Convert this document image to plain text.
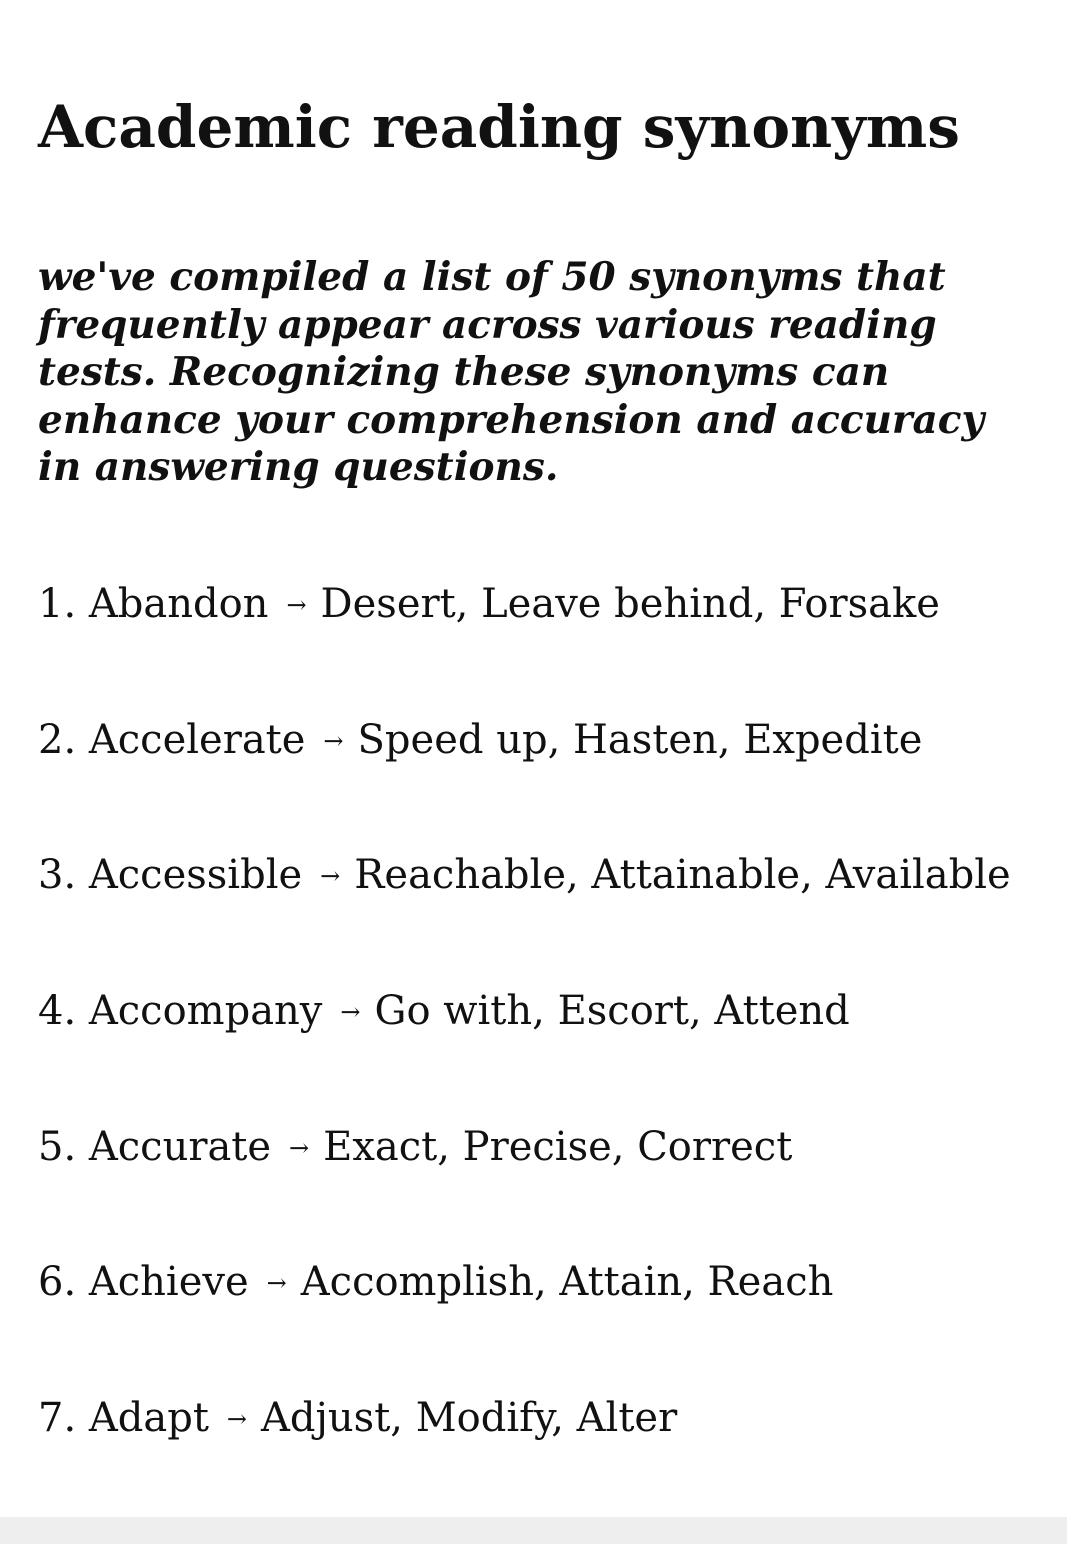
Academic reading synonyms

we've compiled a list of 50 synonyms that frequently appear across various reading tests. Recognizing these synonyms can enhance your comprehension and accuracy in answering questions.

1. Abandon → Desert, Leave behind, Forsake
2. Accelerate → Speed up, Hasten, Expedite
3. Accessible → Reachable, Attainable, Available
4. Accompany → Go with, Escort, Attend
5. Accurate → Exact, Precise, Correct
6. Achieve → Accomplish, Attain, Reach
7. Adapt → Adjust, Modify, Alter
